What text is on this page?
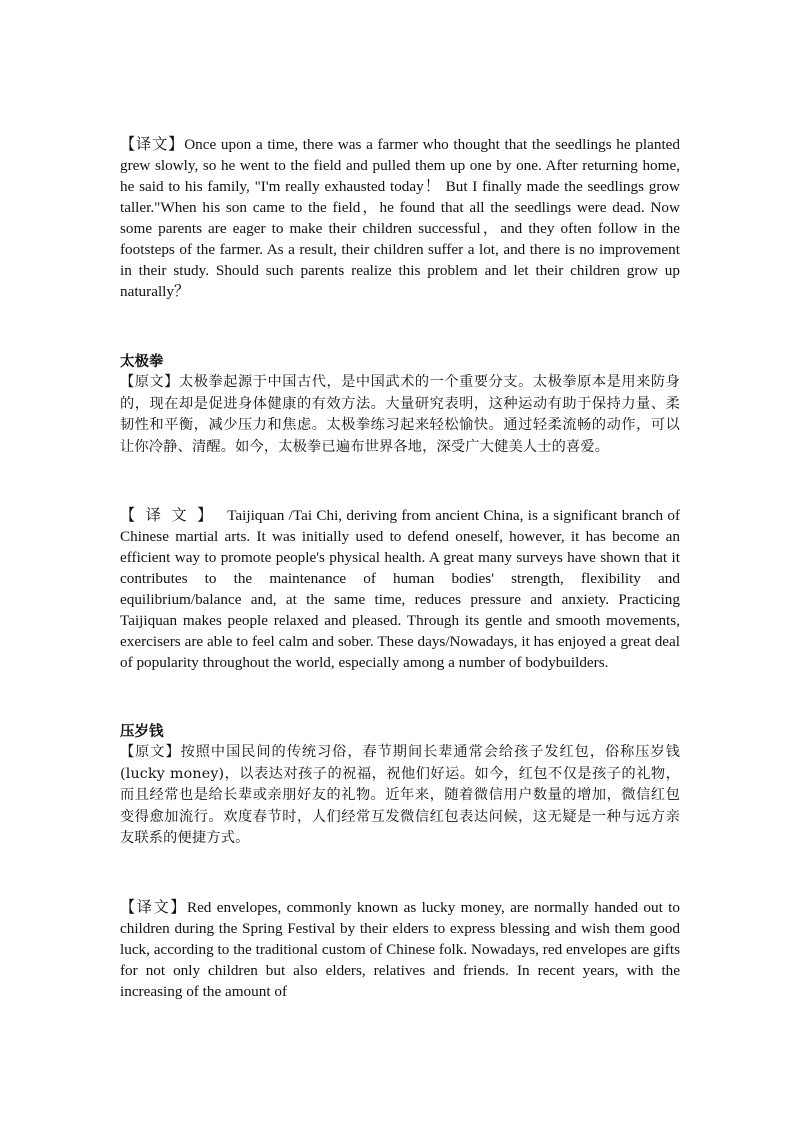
【译文】Once upon a time, there was a farmer who thought that the seedlings he planted grew slowly, so he went to the field and pulled them up one by one. After returning home, he said to his family, "I'm really exhausted today！ But I finally made the seedlings grow taller."When his son came to the field，he found that all the seedlings were dead. Now some parents are eager to make their children successful，and they often follow in the footsteps of the farmer. As a result, their children suffer a lot, and there is no improvement in their study. Should such parents realize this problem and let their children grow up naturally？

太极拳

【原文】太极拳起源于中国古代，是中国武术的一个重要分支。太极拳原本是用来防身的，现在却是促进身体健康的有效方法。大量研究表明，这种运动有助于保持力量、柔韧性和平衡，减少压力和焦虑。太极拳练习起来轻松愉快。通过轻柔流畅的动作，可以让你冷静、清醒。如今，太极拳已遍布世界各地，深受广大健美人士的喜爱。

【译文】 Taijiquan /Tai Chi, deriving from ancient China, is a significant branch of Chinese martial arts. It was initially used to defend oneself, however, it has become an efficient way to promote people's physical health. A great many surveys have shown that it contributes to the maintenance of human bodies' strength, flexibility and equilibrium/balance and, at the same time, reduces pressure and anxiety. Practicing Taijiquan makes people relaxed and pleased. Through its gentle and smooth movements, exercisers are able to feel calm and sober. These days/Nowadays, it has enjoyed a great deal of popularity throughout the world, especially among a number of bodybuilders.

压岁钱

【原文】按照中国民间的传统习俗，春节期间长辈通常会给孩子发红包，俗称压岁钱(lucky money)，以表达对孩子的祝福，祝他们好运。如今，红包不仅是孩子的礼物，而且经常也是给长辈或亲朋好友的礼物。近年来，随着微信用户数量的增加，微信红包变得愈加流行。欢度春节时，人们经常互发微信红包表达问候，这无疑是一种与远方亲友联系的便捷方式。

【译文】Red envelopes, commonly known as lucky money, are normally handed out to children during the Spring Festival by their elders to express blessing and wish them good luck, according to the traditional custom of Chinese folk. Nowadays, red envelopes are gifts for not only children but also elders, relatives and friends. In recent years, with the increasing of the amount of
